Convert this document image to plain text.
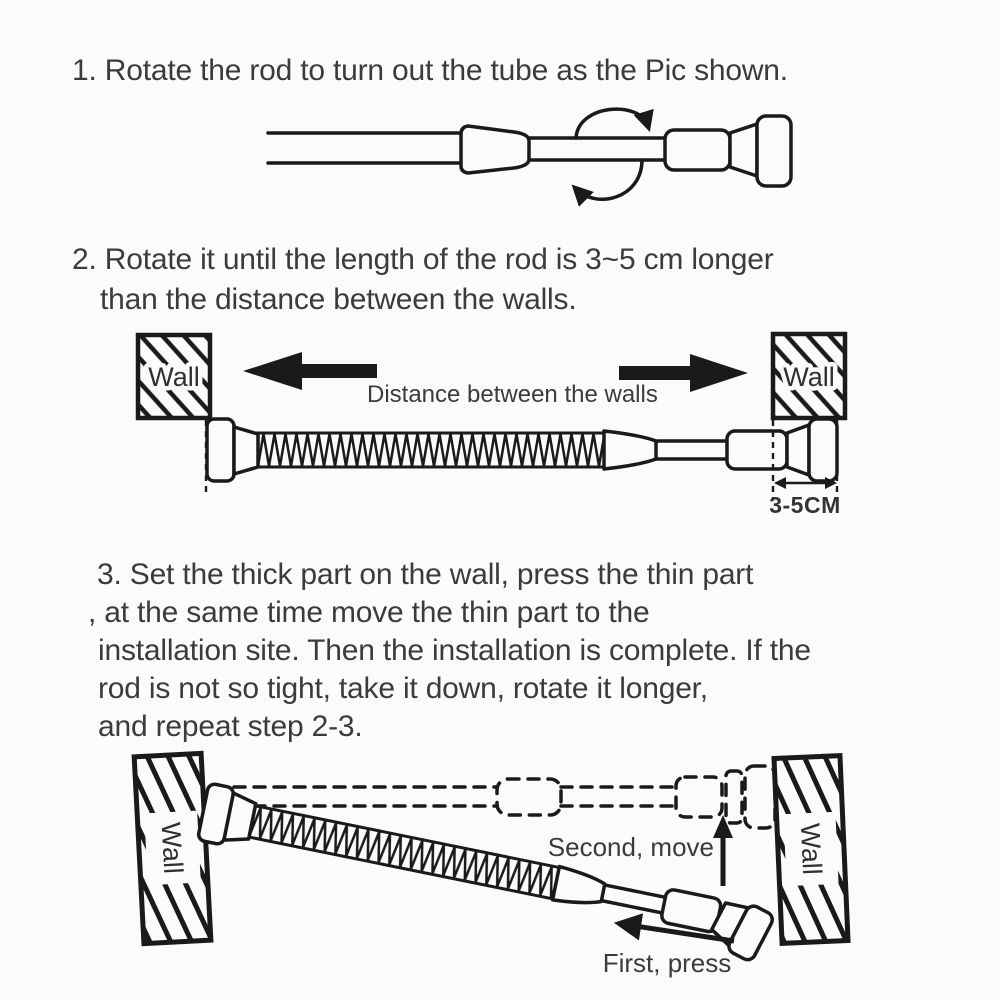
1. Rotate the rod to turn out the tube as the Pic shown.
2. Rotate it until the length of the rod is 3~5 cm longer
than the distance between the walls.
Wall	Wall
Distance between the walls
3-5CM
3. Set the thick part on the wall, press the thin part
, at the same time move the thin part to the
installation site. Then the installation is complete. If the
rod is not so tight, take it down, rotate it longer,
and repeat step 2-3.
Wall	Wall
Second, move
First, press
